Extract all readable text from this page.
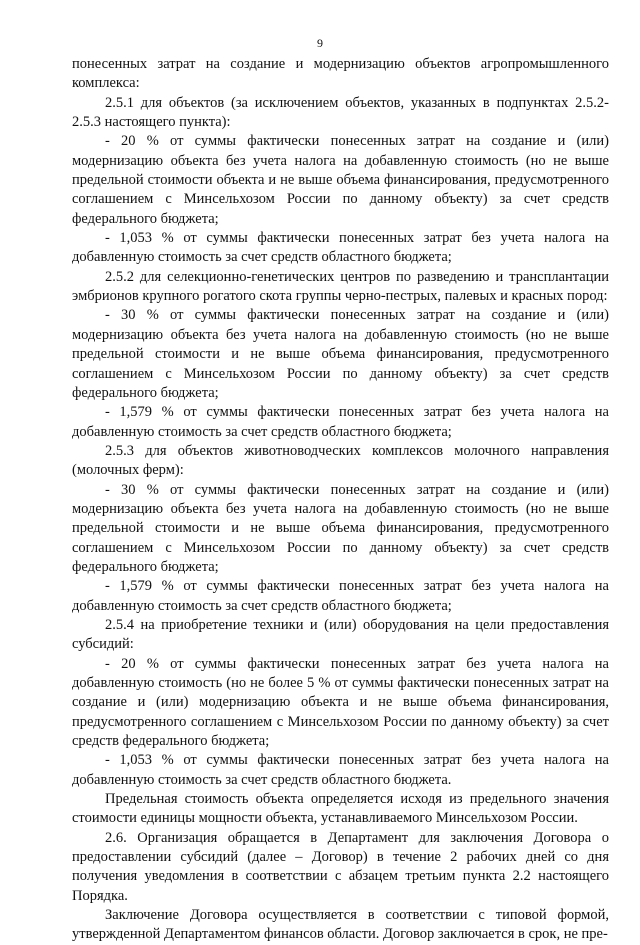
9

понесенных затрат на создание и модернизацию объектов агропромышленного комплекса:

2.5.1 для объектов (за исключением объектов, указанных в подпунктах 2.5.2-2.5.3 настоящего пункта):

- 20 % от суммы фактически понесенных затрат на создание и (или) модернизацию объекта без учета налога на добавленную стоимость (но не выше предельной стоимости объекта и не выше объема финансирования, предусмотренного соглашением с Минсельхозом России по данному объекту) за счет средств федерального бюджета;

- 1,053 % от суммы фактически понесенных затрат без учета налога на добавленную стоимость за счет средств областного бюджета;

2.5.2 для селекционно-генетических центров по разведению и трансплантации эмбрионов крупного рогатого скота группы черно-пестрых, палевых и красных пород:

- 30 % от суммы фактически понесенных затрат на создание и (или) модернизацию объекта без учета налога на добавленную стоимость (но не выше предельной стоимости и не выше объема финансирования, предусмотренного соглашением с Минсельхозом России по данному объекту) за счет средств федерального бюджета;

- 1,579 % от суммы фактически понесенных затрат без учета налога на добавленную стоимость за счет средств областного бюджета;

2.5.3 для объектов животноводческих комплексов молочного направления (молочных ферм):

- 30 % от суммы фактически понесенных затрат на создание и (или) модернизацию объекта без учета налога на добавленную стоимость (но не выше предельной стоимости и не выше объема финансирования, предусмотренного соглашением с Минсельхозом России по данному объекту) за счет средств федерального бюджета;

- 1,579 % от суммы фактически понесенных затрат без учета налога на добавленную стоимость за счет средств областного бюджета;

2.5.4 на приобретение техники и (или) оборудования на цели предоставления субсидий:

- 20 % от суммы фактически понесенных затрат без учета налога на добавленную стоимость (но не более 5 % от суммы фактически понесенных затрат на создание и (или) модернизацию объекта и не выше объема финансирования, предусмотренного соглашением с Минсельхозом России по данному объекту) за счет средств федерального бюджета;

- 1,053 % от суммы фактически понесенных затрат без учета налога на добавленную стоимость за счет средств областного бюджета.

Предельная стоимость объекта определяется исходя из предельного значения стоимости единицы мощности объекта, устанавливаемого Минсельхозом России.

2.6. Организация обращается в Департамент для заключения Договора о предоставлении субсидий (далее – Договор) в течение 2 рабочих дней со дня получения уведомления в соответствии с абзацем третьим пункта 2.2 настоящего Порядка.

Заключение Договора осуществляется в соответствии с типовой формой, утвержденной Департаментом финансов области. Договор заключается в срок, не пре-
